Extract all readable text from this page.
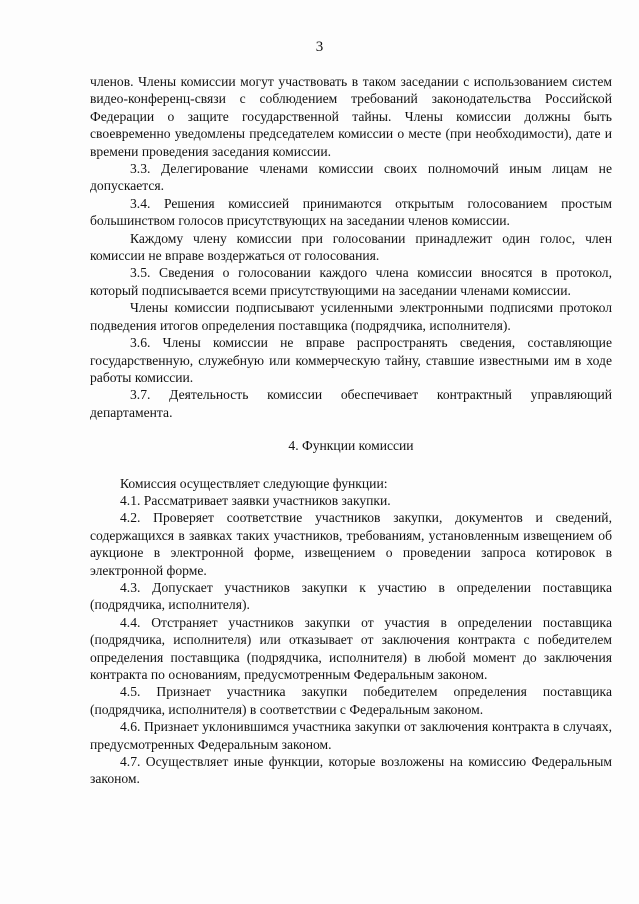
3

членов. Члены комиссии могут участвовать в таком заседании с использованием систем видео-конференц-связи с соблюдением требований законодательства Российской Федерации о защите государственной тайны. Члены комиссии должны быть своевременно уведомлены председателем комиссии о месте (при необходимости), дате и времени проведения заседания комиссии.

3.3. Делегирование членами комиссии своих полномочий иным лицам не допускается.

3.4. Решения комиссией принимаются открытым голосованием простым большинством голосов присутствующих на заседании членов комиссии.

Каждому члену комиссии при голосовании принадлежит один голос, член комиссии не вправе воздержаться от голосования.

3.5. Сведения о голосовании каждого члена комиссии вносятся в протокол, который подписывается всеми присутствующими на заседании членами комиссии.

Члены комиссии подписывают усиленными электронными подписями протокол подведения итогов определения поставщика (подрядчика, исполнителя).

3.6. Члены комиссии не вправе распространять сведения, составляющие государственную, служебную или коммерческую тайну, ставшие известными им в ходе работы комиссии.

3.7. Деятельность комиссии обеспечивает контрактный управляющий департамента.

4. Функции комиссии

Комиссия осуществляет следующие функции:

4.1. Рассматривает заявки участников закупки.

4.2. Проверяет соответствие участников закупки, документов и сведений, содержащихся в заявках таких участников, требованиям, установленным извещением об аукционе в электронной форме, извещением о проведении запроса котировок в электронной форме.

4.3. Допускает участников закупки к участию в определении поставщика (подрядчика, исполнителя).

4.4. Отстраняет участников закупки от участия в определении поставщика (подрядчика, исполнителя) или отказывает от заключения контракта с победителем определения поставщика (подрядчика, исполнителя) в любой момент до заключения контракта по основаниям, предусмотренным Федеральным законом.

4.5. Признает участника закупки победителем определения поставщика (подрядчика, исполнителя) в соответствии с Федеральным законом.

4.6. Признает уклонившимся участника закупки от заключения контракта в случаях, предусмотренных Федеральным законом.

4.7. Осуществляет иные функции, которые возложены на комиссию Федеральным законом.
